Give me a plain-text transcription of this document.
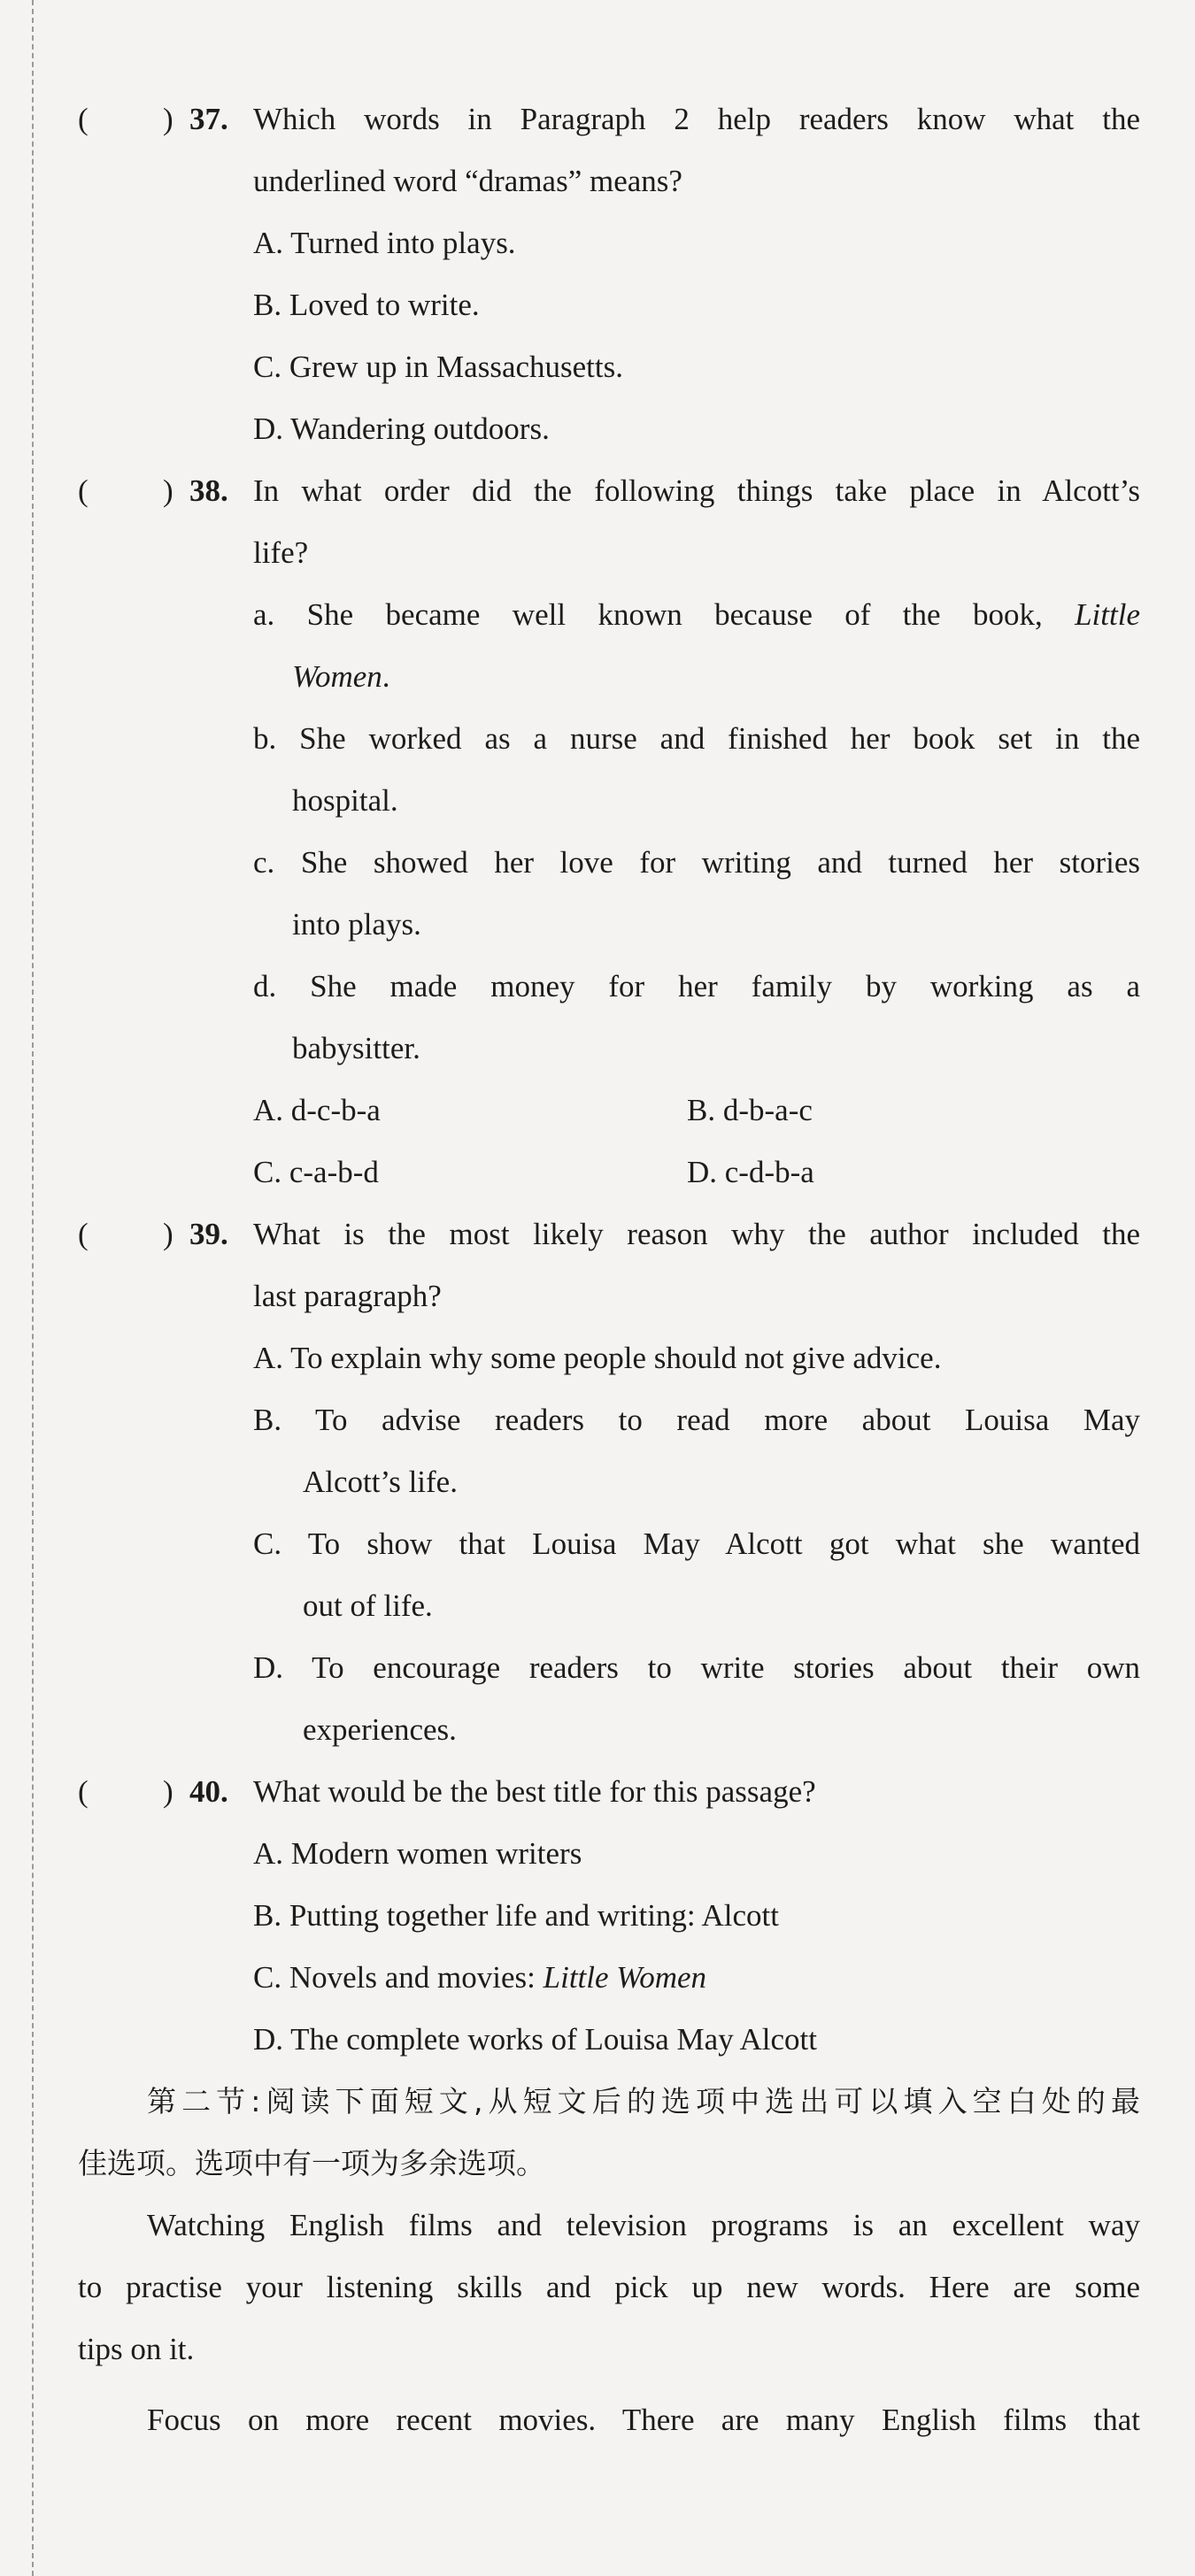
( ) 37. Which words in Paragraph 2 help readers know what the
underlined word “dramas” means?
A. Turned into plays.
B. Loved to write.
C. Grew up in Massachusetts.
D. Wandering outdoors.
( ) 38. In what order did the following things take place in Alcott’s
life?
a. She became well known because of the book, Little
Women.
b. She worked as a nurse and finished her book set in the
hospital.
c. She showed her love for writing and turned her stories
into plays.
d. She made money for her family by working as a
babysitter.
A. d-c-b-a	B. d-b-a-c
C. c-a-b-d	D. c-d-b-a
( ) 39. What is the most likely reason why the author included the
last paragraph?
A. To explain why some people should not give advice.
B. To advise readers to read more about Louisa May
Alcott’s life.
C. To show that Louisa May Alcott got what she wanted
out of life.
D. To encourage readers to write stories about their own
experiences.
( ) 40. What would be the best title for this passage?
A. Modern women writers
B. Putting together life and writing: Alcott
C. Novels and movies: Little Women
D. The complete works of Louisa May Alcott
第二节:阅读下面短文,从短文后的选项中选出可以填入空白处的最
佳选项。选项中有一项为多余选项。
Watching English films and television programs is an excellent way
to practise your listening skills and pick up new words. Here are some
tips on it.
Focus on more recent movies. There are many English films that
